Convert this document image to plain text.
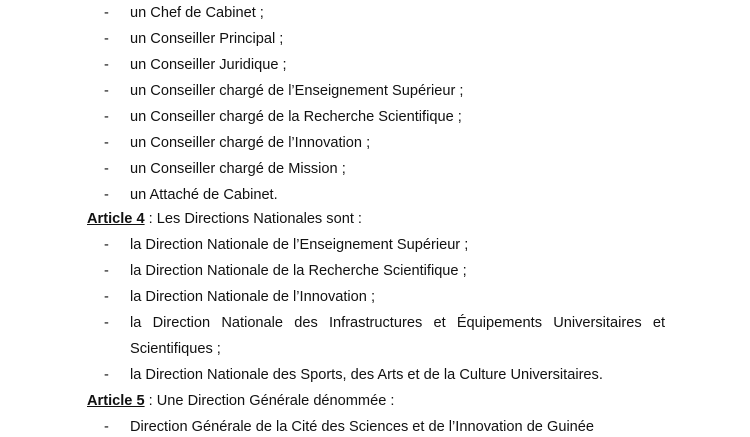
-	un Chef de Cabinet ;
-	un Conseiller Principal ;
-	un Conseiller Juridique ;
-	un Conseiller chargé de l’Enseignement Supérieur ;
-	un Conseiller chargé de la Recherche Scientifique ;
-	un Conseiller chargé de l’Innovation ;
-	un Conseiller chargé de Mission ;
-	un Attaché de Cabinet.
Article 4 : Les Directions Nationales sont :
-	la Direction Nationale de l’Enseignement Supérieur ;
-	la Direction Nationale de la Recherche Scientifique ;
-	la Direction Nationale de l’Innovation ;
-	la Direction Nationale des Infrastructures et Équipements Universitaires et
Scientifiques ;
-	la Direction Nationale des Sports, des Arts et de la Culture Universitaires.
Article 5 : Une Direction Générale dénommée :
-	Direction Générale de la Cité des Sciences et de l’Innovation de Guinée
